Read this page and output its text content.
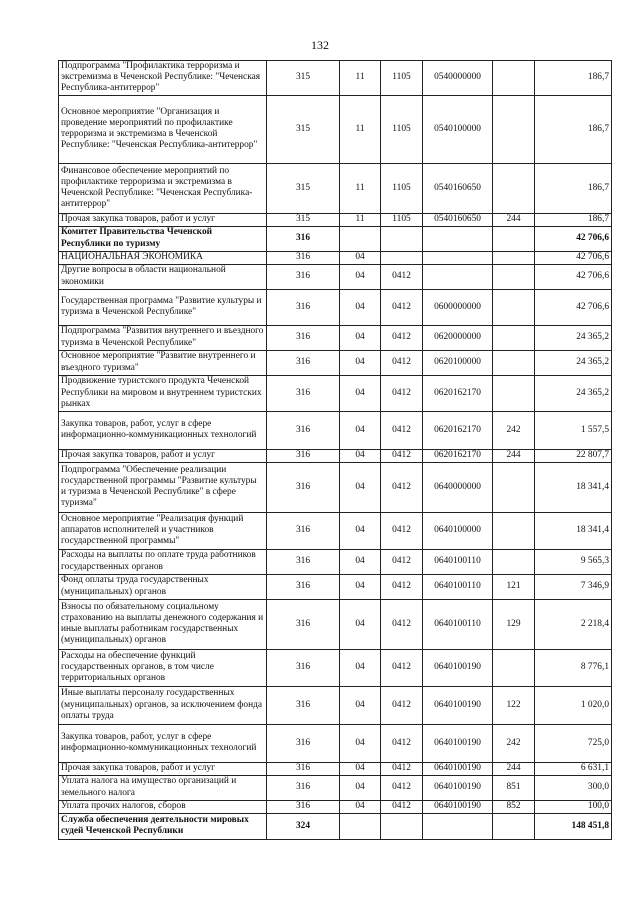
132
Подпрограмма "Профилактика терроризма и экстремизма в Чеченской Республике: "Чеченская Республика-антитеррор"	315	11	1105	0540000000		186,7
Основное мероприятие "Организация и проведение мероприятий по профилактике терроризма и экстремизма в Чеченской Республике: "Чеченская Республика-антитеррор"	315	11	1105	0540100000		186,7
Финансовое обеспечение мероприятий по профилактике терроризма и экстремизма в Чеченской Республике: "Чеченская Республика-антитеррор"	315	11	1105	0540160650		186,7
Прочая закупка товаров, работ и услуг	315	11	1105	0540160650	244	186,7
Комитет Правительства Чеченской Республики по туризму	316					42 706,6
НАЦИОНАЛЬНАЯ ЭКОНОМИКА	316	04				42 706,6
Другие вопросы в области национальной экономики	316	04	0412			42 706,6
Государственная программа "Развитие культуры и туризма в Чеченской Республике"	316	04	0412	0600000000		42 706,6
Подпрограмма "Развития внутреннего и въездного туризма в Чеченской Республике"	316	04	0412	0620000000		24 365,2
Основное мероприятие "Развитие внутреннего и въездного туризма"	316	04	0412	0620100000		24 365,2
Продвижение туристского продукта Чеченской Республики на мировом и внутреннем туристских рынках	316	04	0412	0620162170		24 365,2
Закупка товаров, работ, услуг в сфере информационно-коммуникационных технологий	316	04	0412	0620162170	242	1 557,5
Прочая закупка товаров, работ и услуг	316	04	0412	0620162170	244	22 807,7
Подпрограмма "Обеспечение реализации государственной программы "Развитие культуры и туризма в Чеченской Республике" в сфере туризма"	316	04	0412	0640000000		18 341,4
Основное мероприятие "Реализация функций аппаратов исполнителей и участников государственной программы"	316	04	0412	0640100000		18 341,4
Расходы на выплаты по оплате труда работников государственных органов	316	04	0412	0640100110		9 565,3
Фонд оплаты труда государственных (муниципальных) органов	316	04	0412	0640100110	121	7 346,9
Взносы по обязательному социальному страхованию на выплаты денежного содержания и иные выплаты работникам государственных (муниципальных) органов	316	04	0412	0640100110	129	2 218,4
Расходы на обеспечение функций государственных органов, в том числе территориальных органов	316	04	0412	0640100190		8 776,1
Иные выплаты персоналу государственных (муниципальных) органов, за исключением фонда оплаты труда	316	04	0412	0640100190	122	1 020,0
Закупка товаров, работ, услуг в сфере информационно-коммуникационных технологий	316	04	0412	0640100190	242	725,0
Прочая закупка товаров, работ и услуг	316	04	0412	0640100190	244	6 631,1
Уплата налога на имущество организаций и земельного налога	316	04	0412	0640100190	851	300,0
Уплата прочих налогов, сборов	316	04	0412	0640100190	852	100,0
Служба обеспечения деятельности мировых судей Чеченской Республики	324					148 451,8
